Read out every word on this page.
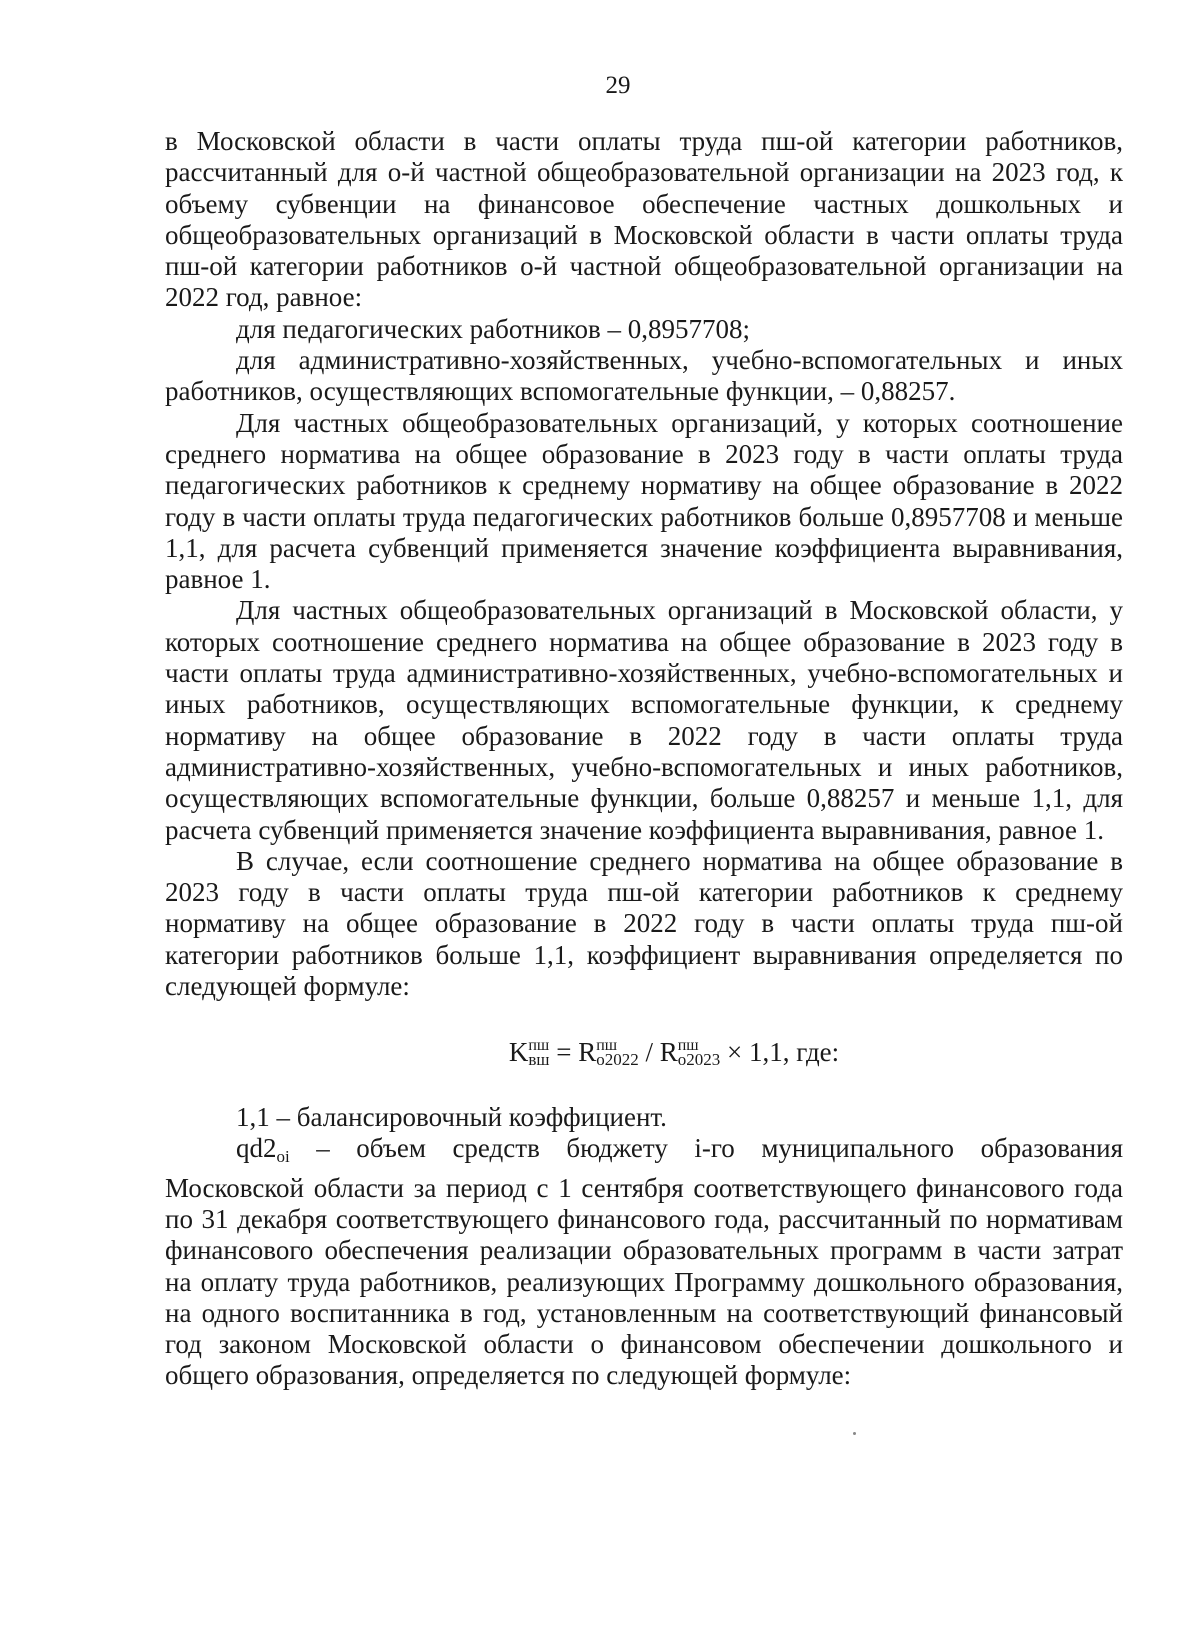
29

в Московской области в части оплаты труда пш-ой категории работников, рассчитанный для о-й частной общеобразовательной организации на 2023 год, к объему субвенции на финансовое обеспечение частных дошкольных и общеобразовательных организаций в Московской области в части оплаты труда пш-ой категории работников о-й частной общеобразовательной организации на 2022 год, равное:

для педагогических работников – 0,8957708;

для административно-хозяйственных, учебно-вспомогательных и иных работников, осуществляющих вспомогательные функции, – 0,88257.

Для частных общеобразовательных организаций, у которых соотношение среднего норматива на общее образование в 2023 году в части оплаты труда педагогических работников к среднему нормативу на общее образование в 2022 году в части оплаты труда педагогических работников больше 0,8957708 и меньше 1,1, для расчета субвенций применяется значение коэффициента выравнивания, равное 1.

Для частных общеобразовательных организаций в Московской области, у которых соотношение среднего норматива на общее образование в 2023 году в части оплаты труда административно-хозяйственных, учебно-вспомогательных и иных работников, осуществляющих вспомогательные функции, к среднему нормативу на общее образование в 2022 году в части оплаты труда административно-хозяйственных, учебно-вспомогательных и иных работников, осуществляющих вспомогательные функции, больше 0,88257 и меньше 1,1, для расчета субвенций применяется значение коэффициента выравнивания, равное 1.

В случае, если соотношение среднего норматива на общее образование в 2023 году в части оплаты труда пш-ой категории работников к среднему нормативу на общее образование в 2022 году в части оплаты труда пш-ой категории работников больше 1,1, коэффициент выравнивания определяется по следующей формуле:

K пш
вш = R пш
o2022 / R пш
o2023 × 1,1, где:

1,1 – балансировочный коэффициент.

qd2oi – объем средств бюджету i-го муниципального образования Московской области за период с 1 сентября соответствующего финансового года по 31 декабря соответствующего финансового года, рассчитанный по нормативам финансового обеспечения реализации образовательных программ в части затрат на оплату труда работников, реализующих Программу дошкольного образования, на одного воспитанника в год, установленным на соответствующий финансовый год законом Московской области о финансовом обеспечении дошкольного и общего образования, определяется по следующей формуле:
